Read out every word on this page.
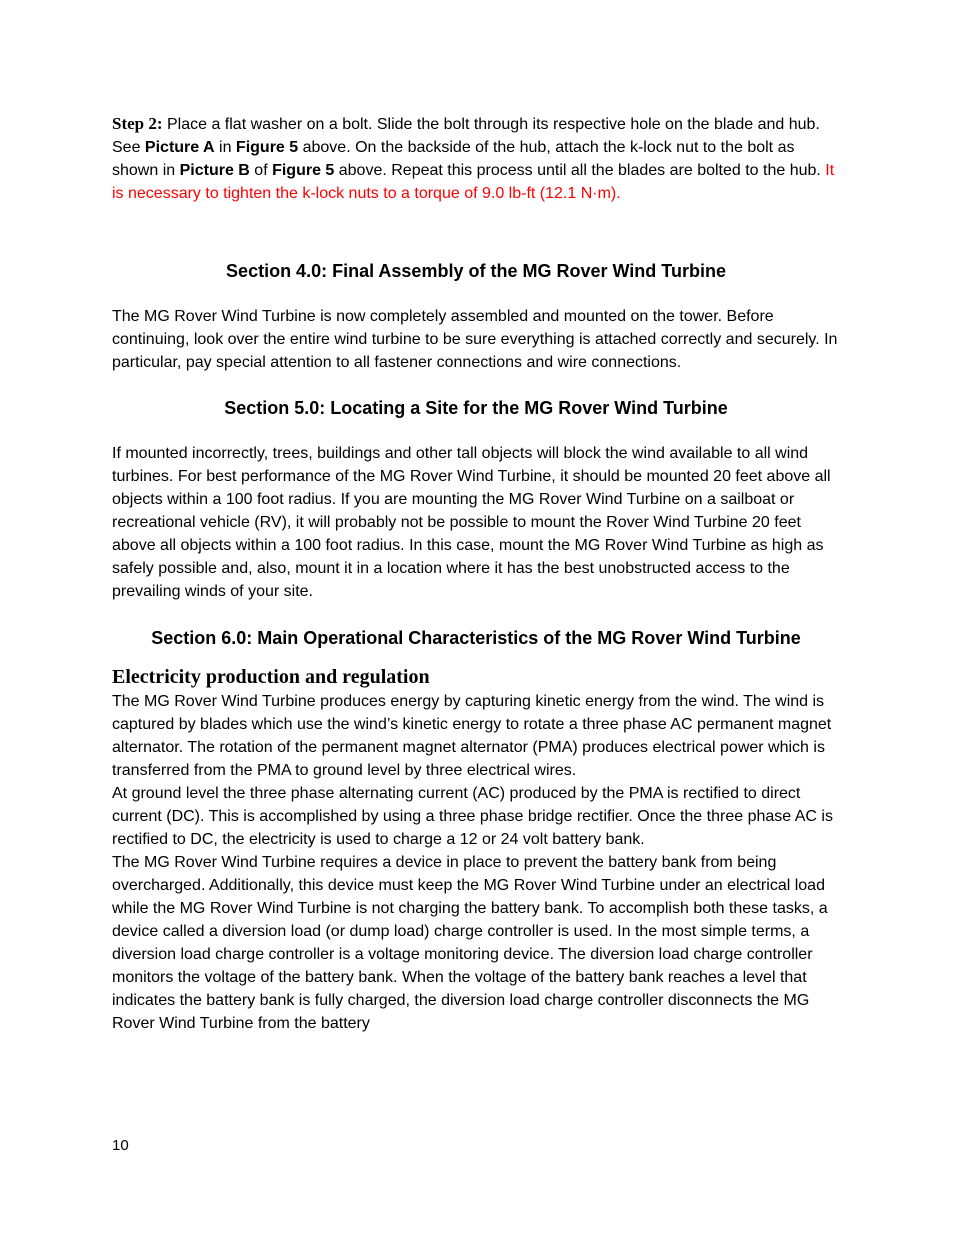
Step 2: Place a flat washer on a bolt. Slide the bolt through its respective hole on the blade and hub. See Picture A in Figure 5 above. On the backside of the hub, attach the k-lock nut to the bolt as shown in Picture B of Figure 5 above. Repeat this process until all the blades are bolted to the hub. It is necessary to tighten the k-lock nuts to a torque of 9.0 lb-ft (12.1 N·m).

Section 4.0: Final Assembly of the MG Rover Wind Turbine

The MG Rover Wind Turbine is now completely assembled and mounted on the tower. Before continuing, look over the entire wind turbine to be sure everything is attached correctly and securely. In particular, pay special attention to all fastener connections and wire connections.

Section 5.0: Locating a Site for the MG Rover Wind Turbine

If mounted incorrectly, trees, buildings and other tall objects will block the wind available to all wind turbines. For best performance of the MG Rover Wind Turbine, it should be mounted 20 feet above all objects within a 100 foot radius. If you are mounting the MG Rover Wind Turbine on a sailboat or recreational vehicle (RV), it will probably not be possible to mount the Rover Wind Turbine 20 feet above all objects within a 100 foot radius. In this case, mount the MG Rover Wind Turbine as high as safely possible and, also, mount it in a location where it has the best unobstructed access to the prevailing winds of your site.

Section 6.0: Main Operational Characteristics of the MG Rover Wind Turbine
Electricity production and regulation

The MG Rover Wind Turbine produces energy by capturing kinetic energy from the wind. The wind is captured by blades which use the wind’s kinetic energy to rotate a three phase AC permanent magnet alternator. The rotation of the permanent magnet alternator (PMA) produces electrical power which is transferred from the PMA to ground level by three electrical wires.

At ground level the three phase alternating current (AC) produced by the PMA is rectified to direct current (DC). This is accomplished by using a three phase bridge rectifier. Once the three phase AC is rectified to DC, the electricity is used to charge a 12 or 24 volt battery bank.

The MG Rover Wind Turbine requires a device in place to prevent the battery bank from being overcharged. Additionally, this device must keep the MG Rover Wind Turbine under an electrical load while the MG Rover Wind Turbine is not charging the battery bank. To accomplish both these tasks, a device called a diversion load (or dump load) charge controller is used. In the most simple terms, a diversion load charge controller is a voltage monitoring device. The diversion load charge controller monitors the voltage of the battery bank. When the voltage of the battery bank reaches a level that indicates the battery bank is fully charged, the diversion load charge controller disconnects the MG Rover Wind Turbine from the battery

10
